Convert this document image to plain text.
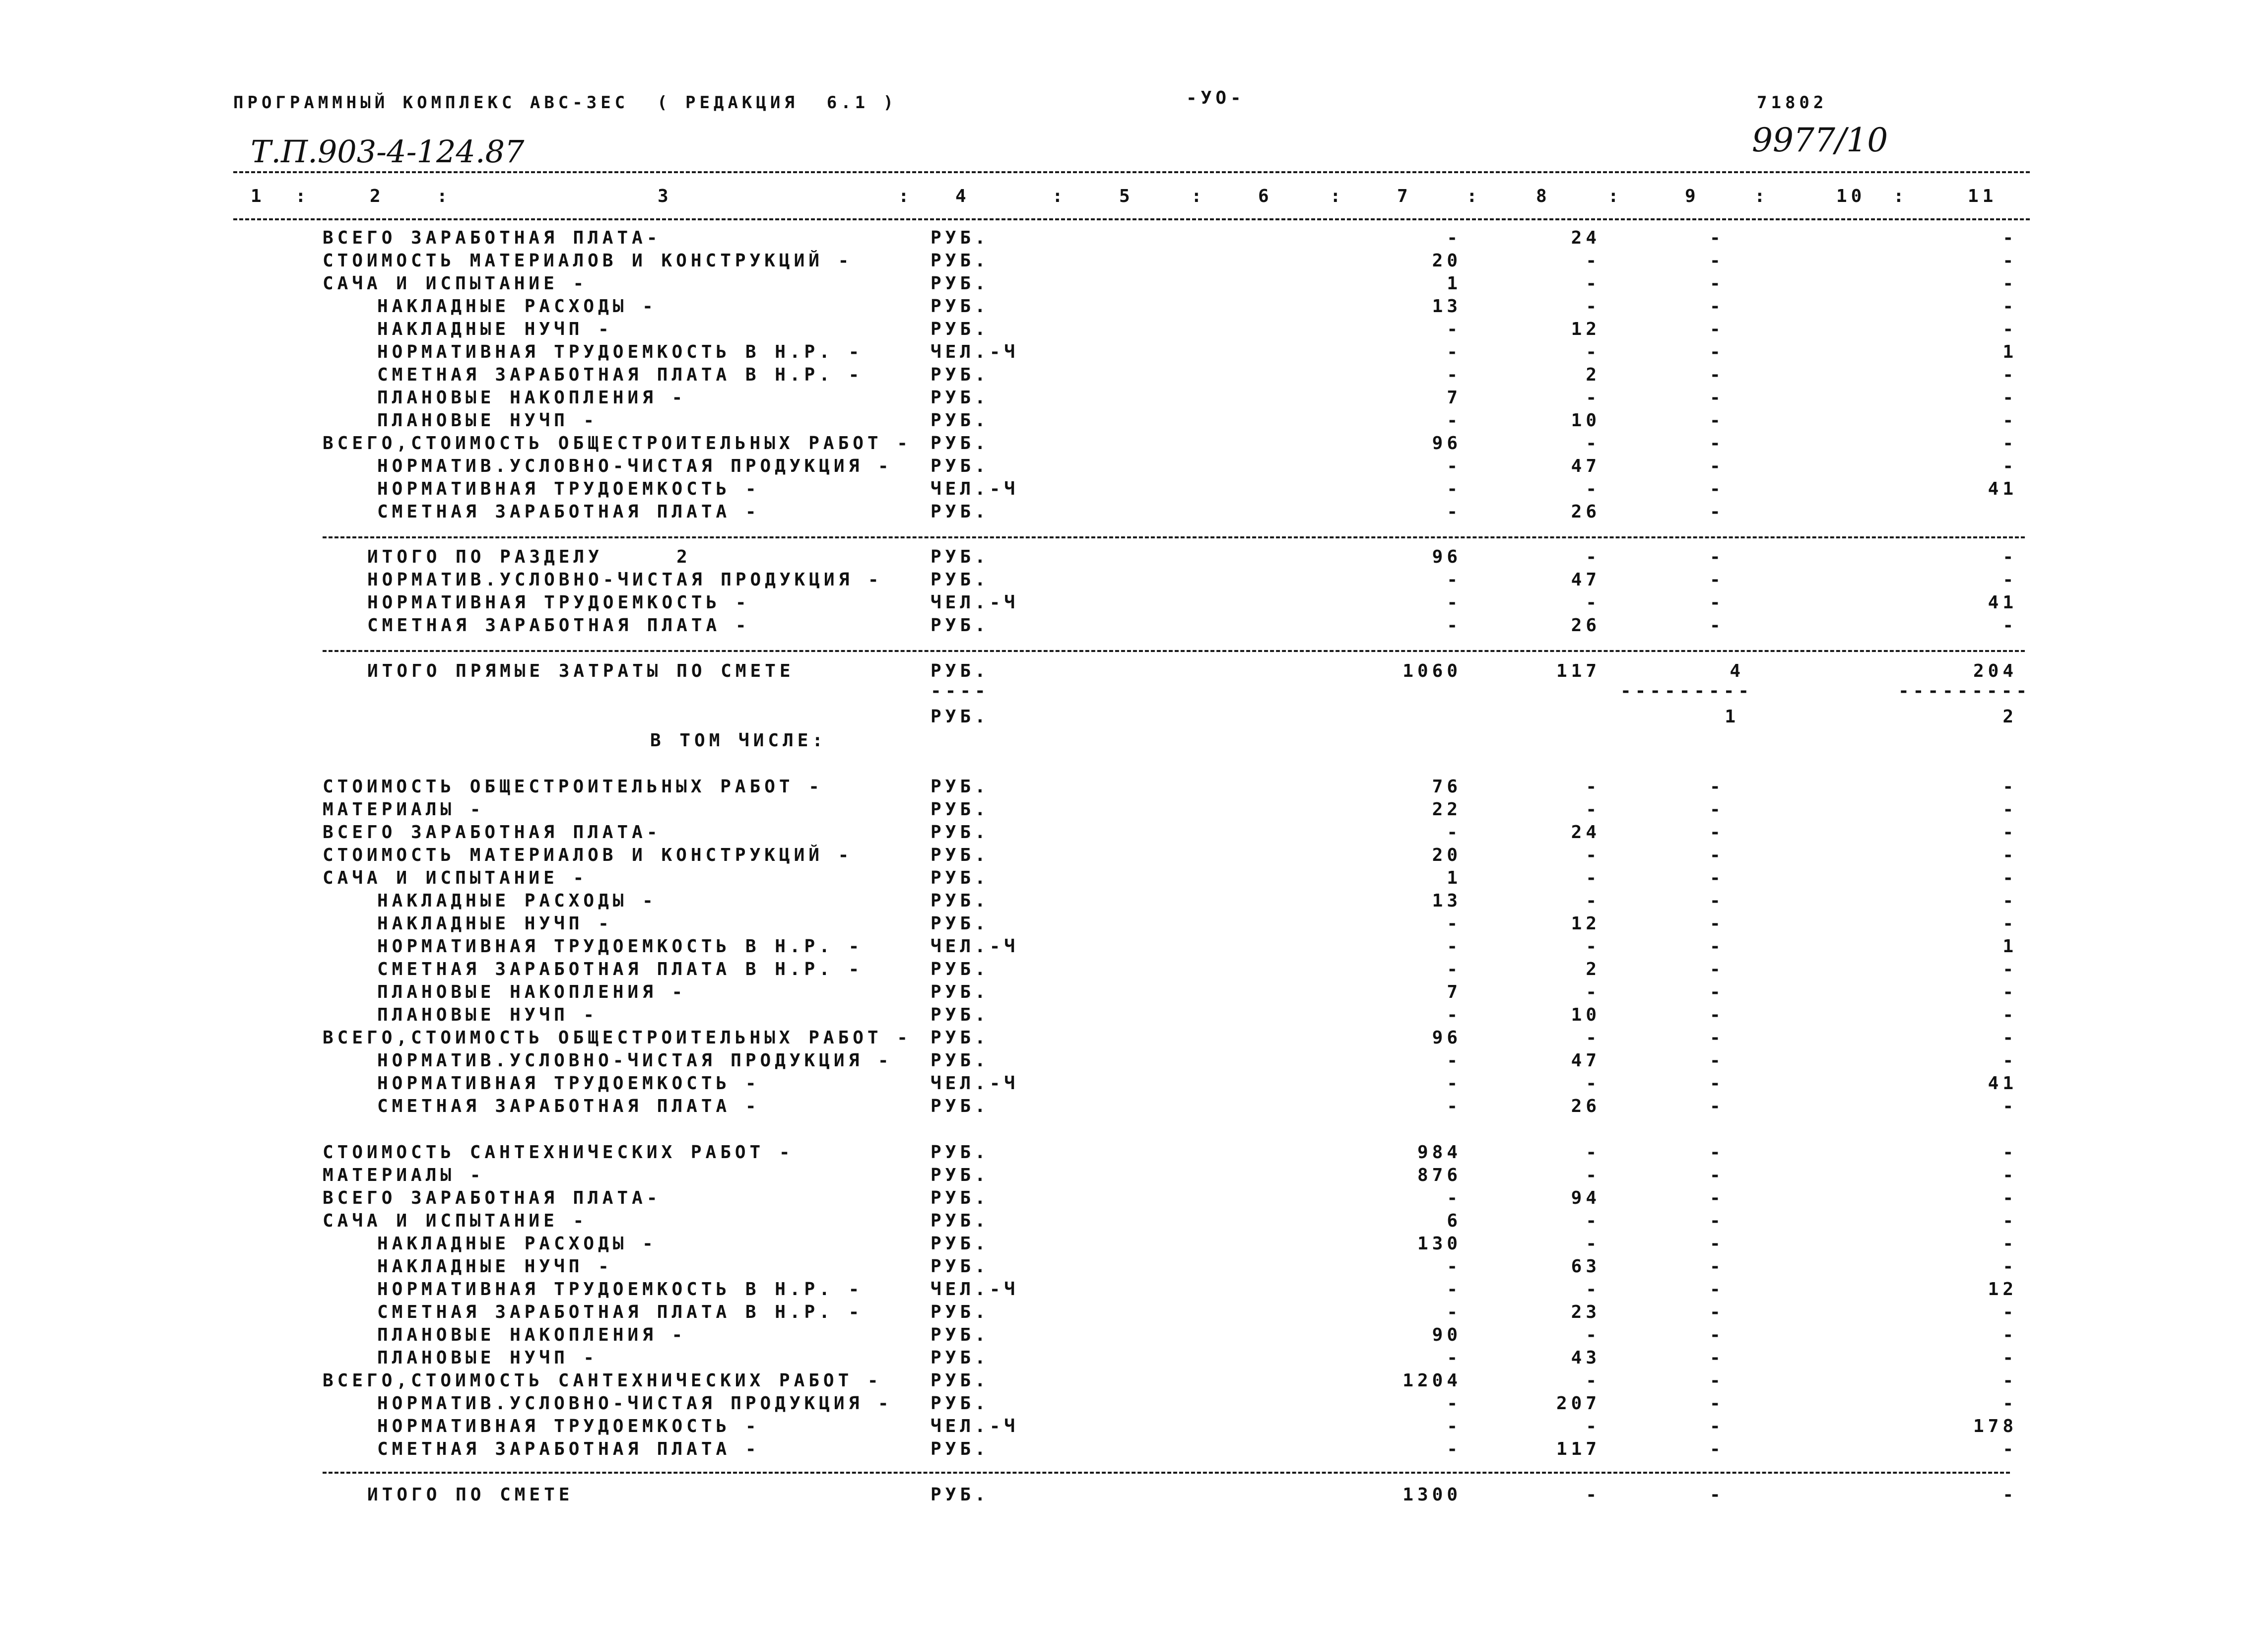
ПРОГРАММНЫЙ КОМПЛЕКС АВС-3ЕС  ( РЕДАКЦИЯ  6.1 )	-УО-	71802
Т.П.903-4-124.87	9977/10
1	2	3	4	5	6	7	8	9	10	11
:	:	:	:	:	:	:	:	:	:
ВСЕГО ЗАРАБОТНАЯ ПЛАТА-	РУБ.	-	24	-	-
СТОИМОСТЬ МАТЕРИАЛОВ И КОНСТРУКЦИЙ -	РУБ.	20	-	-	-
САЧА И ИСПЫТАНИЕ -	РУБ.	1	-	-	-
НАКЛАДНЫЕ РАСХОДЫ -	РУБ.	13	-	-	-
НАКЛАДНЫЕ НУЧП -	РУБ.	-	12	-	-
НОРМАТИВНАЯ ТРУДОЕМКОСТЬ В Н.Р. -	ЧЕЛ.-Ч	-	-	-	1
СМЕТНАЯ ЗАРАБОТНАЯ ПЛАТА В Н.Р. -	РУБ.	-	2	-	-
ПЛАНОВЫЕ НАКОПЛЕНИЯ -	РУБ.	7	-	-	-
ПЛАНОВЫЕ НУЧП -	РУБ.	-	10	-	-
ВСЕГО,СТОИМОСТЬ ОБЩЕСТРОИТЕЛЬНЫХ РАБОТ - РУБ.	96	-	-	-
НОРМАТИВ.УСЛОВНО-ЧИСТАЯ ПРОДУКЦИЯ - РУБ.	-	47	-	-
НОРМАТИВНАЯ ТРУДОЕМКОСТЬ -	ЧЕЛ.-Ч	-	-	-	41
СМЕТНАЯ ЗАРАБОТНАЯ ПЛАТА -	РУБ.	-	26	-
ИТОГО ПО РАЗДЕЛУ     2	РУБ.	96	-	-	-
НОРМАТИВ.УСЛОВНО-ЧИСТАЯ ПРОДУКЦИЯ -	РУБ.	-	47	-	-
НОРМАТИВНАЯ ТРУДОЕМКОСТЬ -	ЧЕЛ.-Ч	-	-	-	41
СМЕТНАЯ ЗАРАБОТНАЯ ПЛАТА -	РУБ.	-	26	-	-
ИТОГО ПРЯМЫЕ ЗАТРАТЫ ПО СМЕТЕ	РУБ.	1060	117	4	204
----	---------	---------
РУБ.	1	2
В ТОМ ЧИСЛЕ:
СТОИМОСТЬ ОБЩЕСТРОИТЕЛЬНЫХ РАБОТ -	РУБ.	76	-	-	-
МАТЕРИАЛЫ -	РУБ.	22	-	-	-
ВСЕГО ЗАРАБОТНАЯ ПЛАТА-	РУБ.	-	24	-	-
СТОИМОСТЬ МАТЕРИАЛОВ И КОНСТРУКЦИЙ -	РУБ.	20	-	-	-
САЧА И ИСПЫТАНИЕ -	РУБ.	1	-	-	-
НАКЛАДНЫЕ РАСХОДЫ -	РУБ.	13	-	-	-
НАКЛАДНЫЕ НУЧП -	РУБ.	-	12	-	-
НОРМАТИВНАЯ ТРУДОЕМКОСТЬ В Н.Р. -	ЧЕЛ.-Ч	-	-	-	1
СМЕТНАЯ ЗАРАБОТНАЯ ПЛАТА В Н.Р. -	РУБ.	-	2	-	-
ПЛАНОВЫЕ НАКОПЛЕНИЯ -	РУБ.	7	-	-	-
ПЛАНОВЫЕ НУЧП -	РУБ.	-	10	-	-
ВСЕГО,СТОИМОСТЬ ОБЩЕСТРОИТЕЛЬНЫХ РАБОТ - РУБ.	96	-	-	-
НОРМАТИВ.УСЛОВНО-ЧИСТАЯ ПРОДУКЦИЯ - РУБ.	-	47	-	-
НОРМАТИВНАЯ ТРУДОЕМКОСТЬ -	ЧЕЛ.-Ч	-	-	-	41
СМЕТНАЯ ЗАРАБОТНАЯ ПЛАТА -	РУБ.	-	26	-	-
СТОИМОСТЬ САНТЕХНИЧЕСКИХ РАБОТ -	РУБ.	984	-	-	-
МАТЕРИАЛЫ -	РУБ.	876	-	-	-
ВСЕГО ЗАРАБОТНАЯ ПЛАТА-	РУБ.	-	94	-	-
САЧА И ИСПЫТАНИЕ -	РУБ.	6	-	-	-
НАКЛАДНЫЕ РАСХОДЫ -	РУБ.	130	-	-	-
НАКЛАДНЫЕ НУЧП -	РУБ.	-	63	-	-
НОРМАТИВНАЯ ТРУДОЕМКОСТЬ В Н.Р. -	ЧЕЛ.-Ч	-	-	-	12
СМЕТНАЯ ЗАРАБОТНАЯ ПЛАТА В Н.Р. -	РУБ.	-	23	-	-
ПЛАНОВЫЕ НАКОПЛЕНИЯ -	РУБ.	90	-	-	-
ПЛАНОВЫЕ НУЧП -	РУБ.	-	43	-	-
ВСЕГО,СТОИМОСТЬ САНТЕХНИЧЕСКИХ РАБОТ -	РУБ.	1204	-	-	-
НОРМАТИВ.УСЛОВНО-ЧИСТАЯ ПРОДУКЦИЯ - РУБ.	-	207	-	-
НОРМАТИВНАЯ ТРУДОЕМКОСТЬ -	ЧЕЛ.-Ч	-	-	-	178
СМЕТНАЯ ЗАРАБОТНАЯ ПЛАТА -	РУБ.	-	117	-	-
ИТОГО ПО СМЕТЕ	РУБ.	1300	-	-	-
